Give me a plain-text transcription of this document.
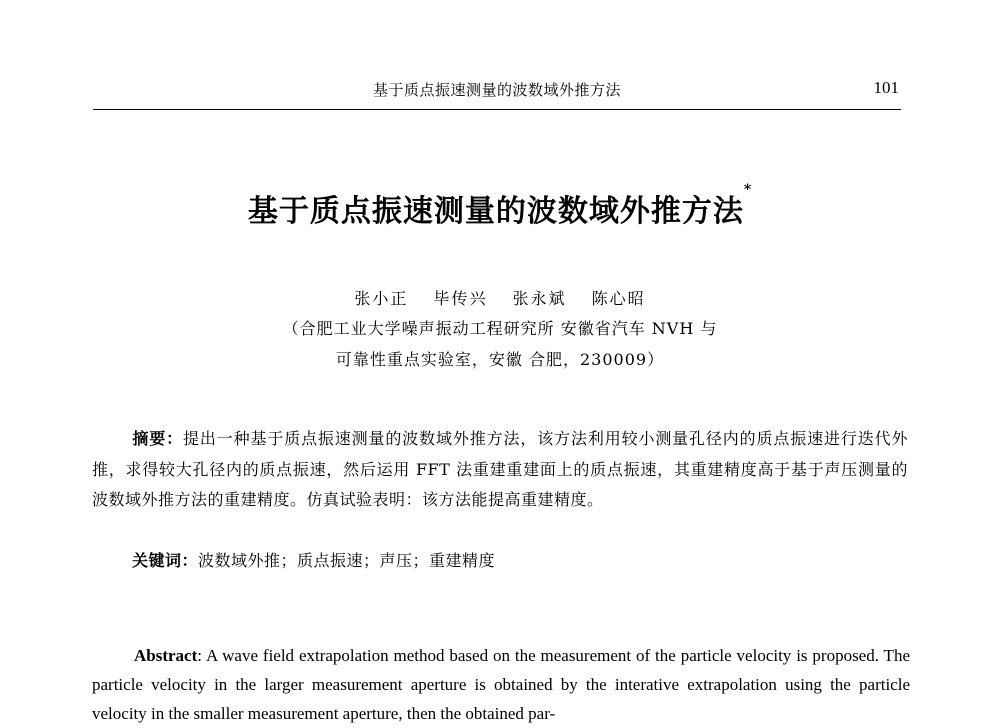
基于质点振速测量的波数域外推方法	101
基于质点振速测量的波数域外推方法*
张小正 毕传兴 张永斌 陈心昭
（合肥工业大学噪声振动工程研究所 安徽省汽车 NVH 与
可靠性重点实验室，安徽 合肥，230009）
摘要：提出一种基于质点振速测量的波数域外推方法，该方法利用较小测量孔径内的质点振速进行迭代外推，求得较大孔径内的质点振速，然后运用 FFT 法重建重建面上的质点振速，其重建精度高于基于声压测量的波数域外推方法的重建精度。仿真试验表明：该方法能提高重建精度。
关键词：波数域外推；质点振速；声压；重建精度
Abstract: A wave field extrapolation method based on the measurement of the particle velocity is proposed. The particle velocity in the larger measurement aperture is obtained by the interative extrapolation using the particle velocity in the smaller measurement aperture, then the obtained par-
